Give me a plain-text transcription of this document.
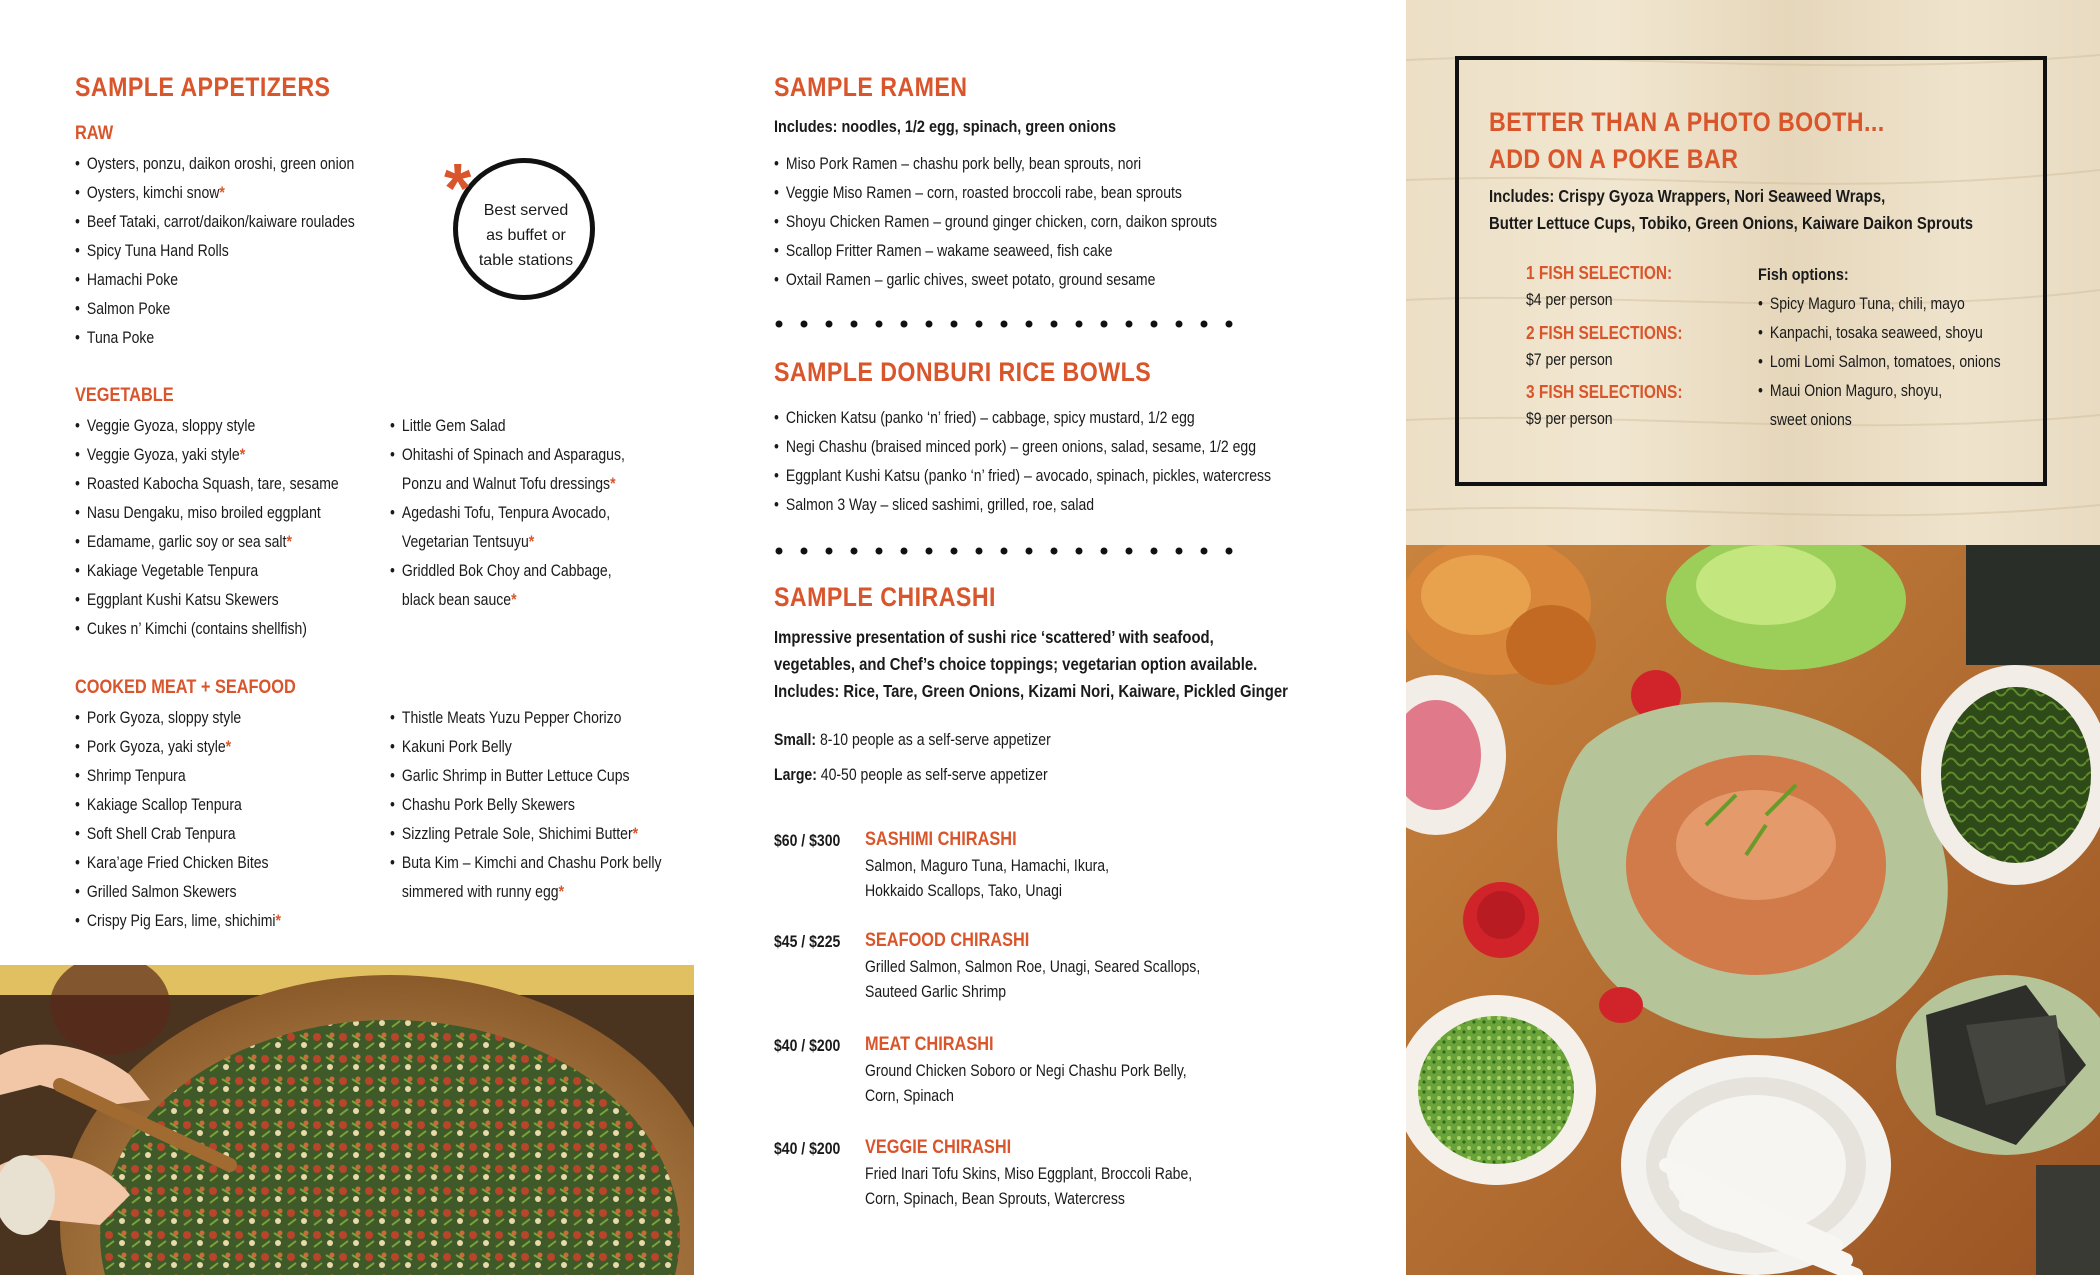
SAMPLE APPETIZERS
RAW
• Oysters, ponzu, daikon oroshi, green onion
• Oysters, kimchi snow*
• Beef Tataki, carrot/daikon/kaiware roulades
• Spicy Tuna Hand Rolls
• Hamachi Poke
• Salmon Poke
• Tuna Poke
* Best served
as buffet or
table stations
VEGETABLE
• Veggie Gyoza, sloppy style
• Veggie Gyoza, yaki style*
• Roasted Kabocha Squash, tare, sesame
• Nasu Dengaku, miso broiled eggplant
• Edamame, garlic soy or sea salt*
• Kakiage Vegetable Tenpura
• Eggplant Kushi Katsu Skewers
• Cukes n’ Kimchi (contains shellfish)
• Little Gem Salad
• Ohitashi of Spinach and Asparagus,
Ponzu and Walnut Tofu dressings*
• Agedashi Tofu, Tenpura Avocado,
Vegetarian Tentsuyu*
• Griddled Bok Choy and Cabbage,
black bean sauce*
COOKED MEAT + SEAFOOD
• Pork Gyoza, sloppy style
• Pork Gyoza, yaki style*
• Shrimp Tenpura
• Kakiage Scallop Tenpura
• Soft Shell Crab Tenpura
• Kara’age Fried Chicken Bites
• Grilled Salmon Skewers
• Crispy Pig Ears, lime, shichimi*
• Thistle Meats Yuzu Pepper Chorizo
• Kakuni Pork Belly
• Garlic Shrimp in Butter Lettuce Cups
• Chashu Pork Belly Skewers
• Sizzling Petrale Sole, Shichimi Butter*
• Buta Kim – Kimchi and Chashu Pork belly
simmered with runny egg*
SAMPLE RAMEN
Includes: noodles, 1/2 egg, spinach, green onions
• Miso Pork Ramen – chashu pork belly, bean sprouts, nori
• Veggie Miso Ramen – corn, roasted broccoli rabe, bean sprouts
• Shoyu Chicken Ramen – ground ginger chicken, corn, daikon sprouts
• Scallop Fritter Ramen – wakame seaweed, fish cake
• Oxtail Ramen – garlic chives, sweet potato, ground sesame
SAMPLE DONBURI RICE BOWLS
• Chicken Katsu (panko ‘n’ fried) – cabbage, spicy mustard, 1/2 egg
• Negi Chashu (braised minced pork) – green onions, salad, sesame, 1/2 egg
• Eggplant Kushi Katsu (panko ‘n’ fried) – avocado, spinach, pickles, watercress
• Salmon 3 Way – sliced sashimi, grilled, roe, salad
SAMPLE CHIRASHI
Impressive presentation of sushi rice ‘scattered’ with seafood,
vegetables, and Chef’s choice toppings; vegetarian option available.
Includes: Rice, Tare, Green Onions, Kizami Nori, Kaiware, Pickled Ginger
Small: 8-10 people as a self-serve appetizer
Large: 40-50 people as self-serve appetizer
$60 / $300 SASHIMI CHIRASHI
Salmon, Maguro Tuna, Hamachi, Ikura,
Hokkaido Scallops, Tako, Unagi
$45 / $225 SEAFOOD CHIRASHI
Grilled Salmon, Salmon Roe, Unagi, Seared Scallops,
Sauteed Garlic Shrimp
$40 / $200 MEAT CHIRASHI
Ground Chicken Soboro or Negi Chashu Pork Belly,
Corn, Spinach
$40 / $200 VEGGIE CHIRASHI
Fried Inari Tofu Skins, Miso Eggplant, Broccoli Rabe,
Corn, Spinach, Bean Sprouts, Watercress
BETTER THAN A PHOTO BOOTH...
ADD ON A POKE BAR
Includes: Crispy Gyoza Wrappers, Nori Seaweed Wraps,
Butter Lettuce Cups, Tobiko, Green Onions, Kaiware Daikon Sprouts
1 FISH SELECTION:
$4 per person
2 FISH SELECTIONS:
$7 per person
3 FISH SELECTIONS:
$9 per person
Fish options:
• Spicy Maguro Tuna, chili, mayo
• Kanpachi, tosaka seaweed, shoyu
• Lomi Lomi Salmon, tomatoes, onions
• Maui Onion Maguro, shoyu,
sweet onions
